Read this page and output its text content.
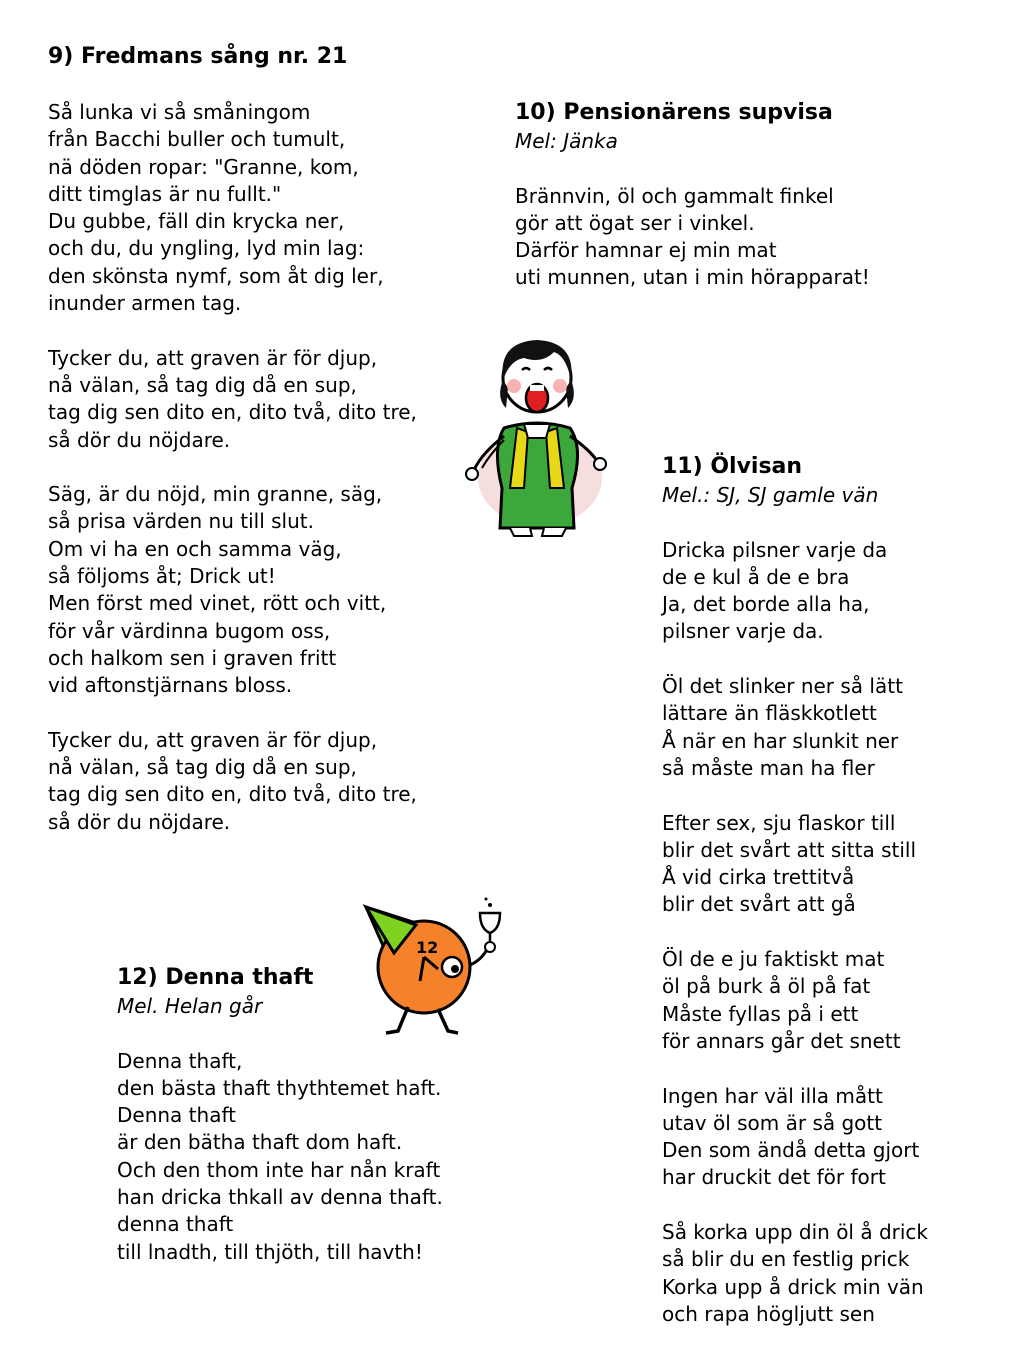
9) Fredmans sång nr. 21
Så lunka vi så småningom
från Bacchi buller och tumult,
nä döden ropar: "Granne, kom,
ditt timglas är nu fullt."
Du gubbe, fäll din krycka ner,
och du, du yngling, lyd min lag:
den skönsta nymf, som åt dig ler,
inunder armen tag.
Tycker du, att graven är för djup,
nå välan, så tag dig då en sup,
tag dig sen dito en, dito två, dito tre,
så dör du nöjdare.
Säg, är du nöjd, min granne, säg,
så prisa värden nu till slut.
Om vi ha en och samma väg,
så följoms åt; Drick ut!
Men först med vinet, rött och vitt,
för vår värdinna bugom oss,
och halkom sen i graven fritt
vid aftonstjärnans bloss.
Tycker du, att graven är för djup,
nå välan, så tag dig då en sup,
tag dig sen dito en, dito två, dito tre,
så dör du nöjdare.
10) Pensionärens supvisa

Mel: Jänka

Brännvin, öl och gammalt finkel
gör att ögat ser i vinkel.
Därför hamnar ej min mat
uti munnen, utan i min hörapparat!
11) Ölvisan

Mel.: SJ, SJ gamle vän

Dricka pilsner varje da
de e kul å de e bra
Ja, det borde alla ha,
pilsner varje da.
Öl det slinker ner så lätt
lättare än fläskkotlett
Å när en har slunkit ner
så måste man ha fler
Efter sex, sju flaskor till
blir det svårt att sitta still
Å vid cirka trettitvå
blir det svårt att gå
Öl de e ju faktiskt mat
öl på burk å öl på fat
Måste fyllas på i ett
för annars går det snett
Ingen har väl illa mått
utav öl som är så gott
Den som ändå detta gjort
har druckit det för fort
Så korka upp din öl å drick
så blir du en festlig prick
Korka upp å drick min vän
och rapa högljutt sen
12) Denna thaft

Mel. Helan går

Denna thaft,
den bästa thaft thythtemet haft.
Denna thaft
är den bätha thaft dom haft.
Och den thom inte har nån kraft
han dricka thkall av denna thaft.
denna thaft
till lnadth, till thjöth, till havth!
12
